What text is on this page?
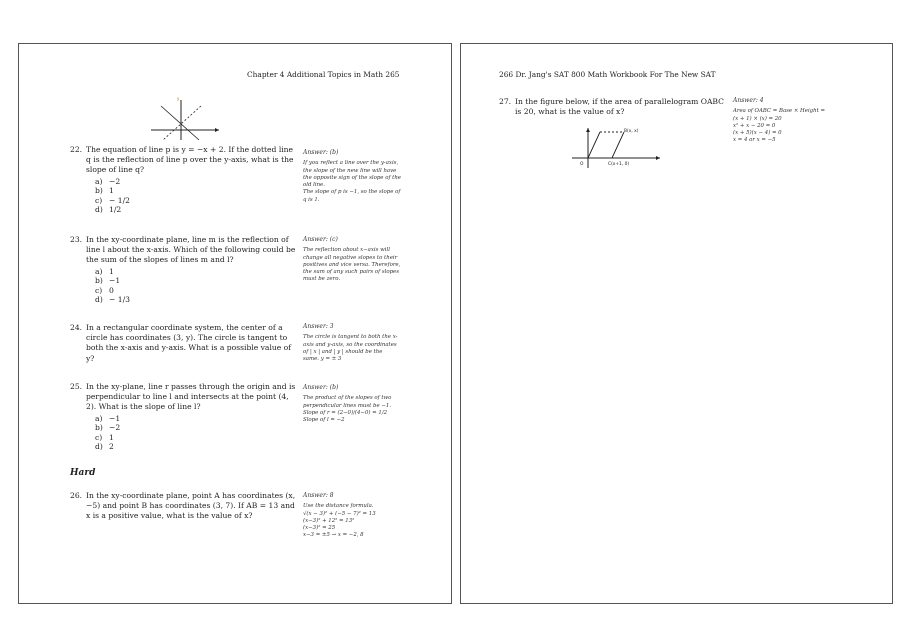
Chapter 4 Additional Topics in Math 265
y
22. The equation of line p is y = −x + 2. If the dotted line q is the reflection of line p over the y-axis, what is the slope of line q?
a) −2
b) 1
c) − 1/2
d) 1/2
Answer: (b)
If you reflect a line over the y-axis,
the slope of the new line will have
the opposite sign of the slope of the
old line.
The slope of p is −1, so the slope of
q is 1.
23. In the xy-coordinate plane, line m is the reflection of line l about the x-axis. Which of the following could be the sum of the slopes of lines m and l?
a) 1
b) −1
c) 0
d) − 1/3
Answer: (c)
The reflection about x−axis will
change all negative slopes to their
positives and vice versa. Therefore,
the sum of any such pairs of slopes
must be zero.
24. In a rectangular coordinate system, the center of a circle has coordinates (3, y). The circle is tangent to both the x-axis and y-axis. What is a possible value of y?
Answer: 3
The circle is tangent to both the x-
axis and y-axis, so the coordinates
of | x | and | y | should be the
same. y = ± 3
25. In the xy-plane, line r passes through the origin and is perpendicular to line l and intersects at the point (4, 2). What is the slope of line l?
a) −1
b) −2
c) 1
d) 2
Answer: (b)
The product of the slopes of two
perpendicular lines must be −1.
Slope of r = (2−0)/(4−0) = 1/2
Slope of l = −2
Hard
26. In the xy-coordinate plane, point A has coordinates (x, −5) and point B has coordinates (3, 7). If AB = 13 and x is a positive value, what is the value of x?
Answer: 8
Use the distance formula.
√(x − 3)² + (−5 − 7)² = 13
(x−3)² + 12² = 13²
(x−3)² = 25
x−3 = ±5 → x = −2, 8
266 Dr. Jang's SAT 800 Math Workbook For The New SAT
27. In the figure below, if the area of parallelogram OABC is 20, what is the value of x?
B(x, x)
O	C(x+1, 0)
Answer: 4
Area of OABC = Base × Height =
(x + 1) × (x) = 20
x² + x − 20 = 0
(x + 5)(x − 4) = 0
x = 4 or x = −5
